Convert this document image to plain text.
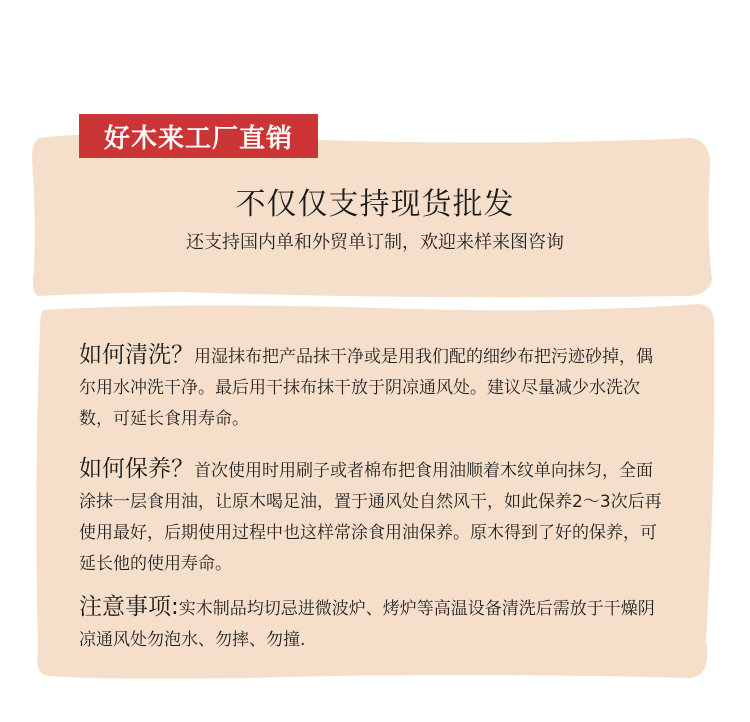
好木来工厂直销
不仅仅支持现货批发
还支持国内单和外贸单订制，欢迎来样来图咨询

如何清洗？用湿抹布把产品抹干净或是用我们配的细纱布把污迹砂掉，偶尔用水冲洗干净。最后用干抹布抹干放于阴凉通风处。建议尽量减少水洗次数，可延长食用寿命。

如何保养？首次使用时用刷子或者棉布把食用油顺着木纹单向抹匀，全面涂抹一层食用油，让原木喝足油，置于通风处自然风干，如此保养2～3次后再使用最好，后期使用过程中也这样常涂食用油保养。原木得到了好的保养，可延长他的使用寿命。

注意事项:实木制品均切忌进微波炉、烤炉等高温设备清洗后需放于干燥阴凉通风处勿泡水、勿摔、勿撞.
